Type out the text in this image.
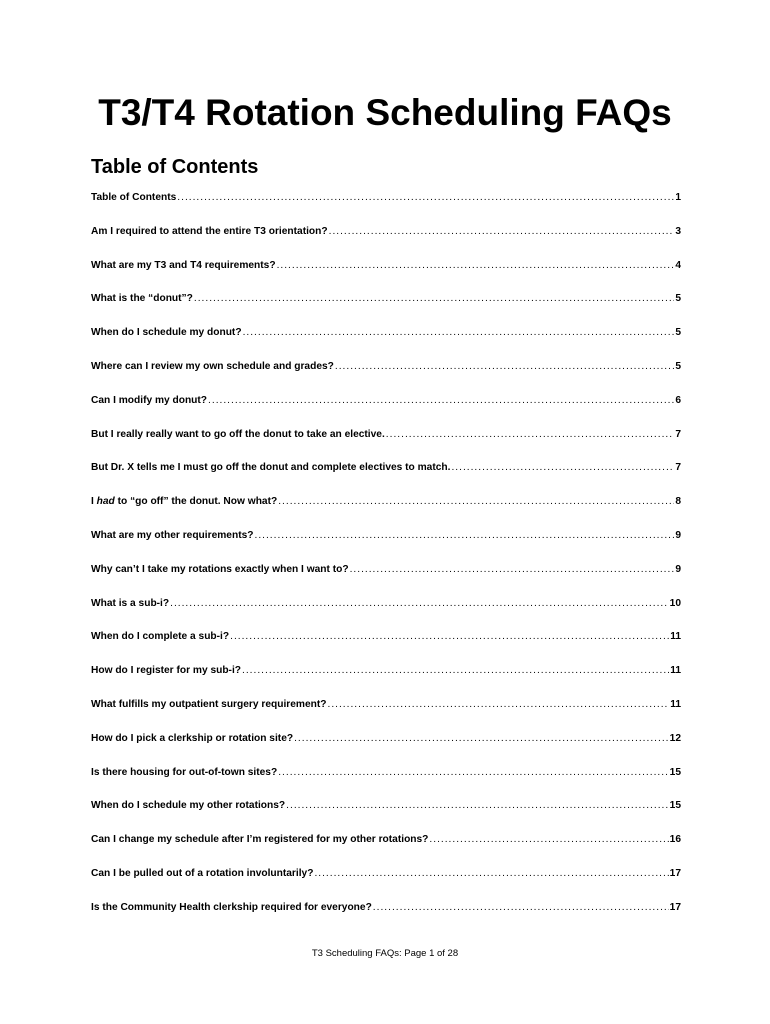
T3/T4 Rotation Scheduling FAQs
Table of Contents
Table of Contents .....	1
Am I required to attend the entire T3 orientation? .....	3
What are my T3 and T4 requirements? .....	4
What is the “donut”? .....	5
When do I schedule my donut? .....	5
Where can I review my own schedule and grades? .....	5
Can I modify my donut? .....	6
But I really really want to go off the donut to take an elective. .....	7
But Dr. X tells me I must go off the donut and complete electives to match. .....	7
I had to “go off” the donut. Now what? .....	8
What are my other requirements? .....	9
Why can’t I take my rotations exactly when I want to? .....	9
What is a sub-i? .....	10
When do I complete a sub-i? .....	11
How do I register for my sub-i? .....	11
What fulfills my outpatient surgery requirement? .....	11
How do I pick a clerkship or rotation site? .....	12
Is there housing for out-of-town sites? .....	15
When do I schedule my other rotations? .....	15
Can I change my schedule after I’m registered for my other rotations? .....	16
Can I be pulled out of a rotation involuntarily? .....	17
Is the Community Health clerkship required for everyone? .....	17
T3 Scheduling FAQs: Page 1 of 28
